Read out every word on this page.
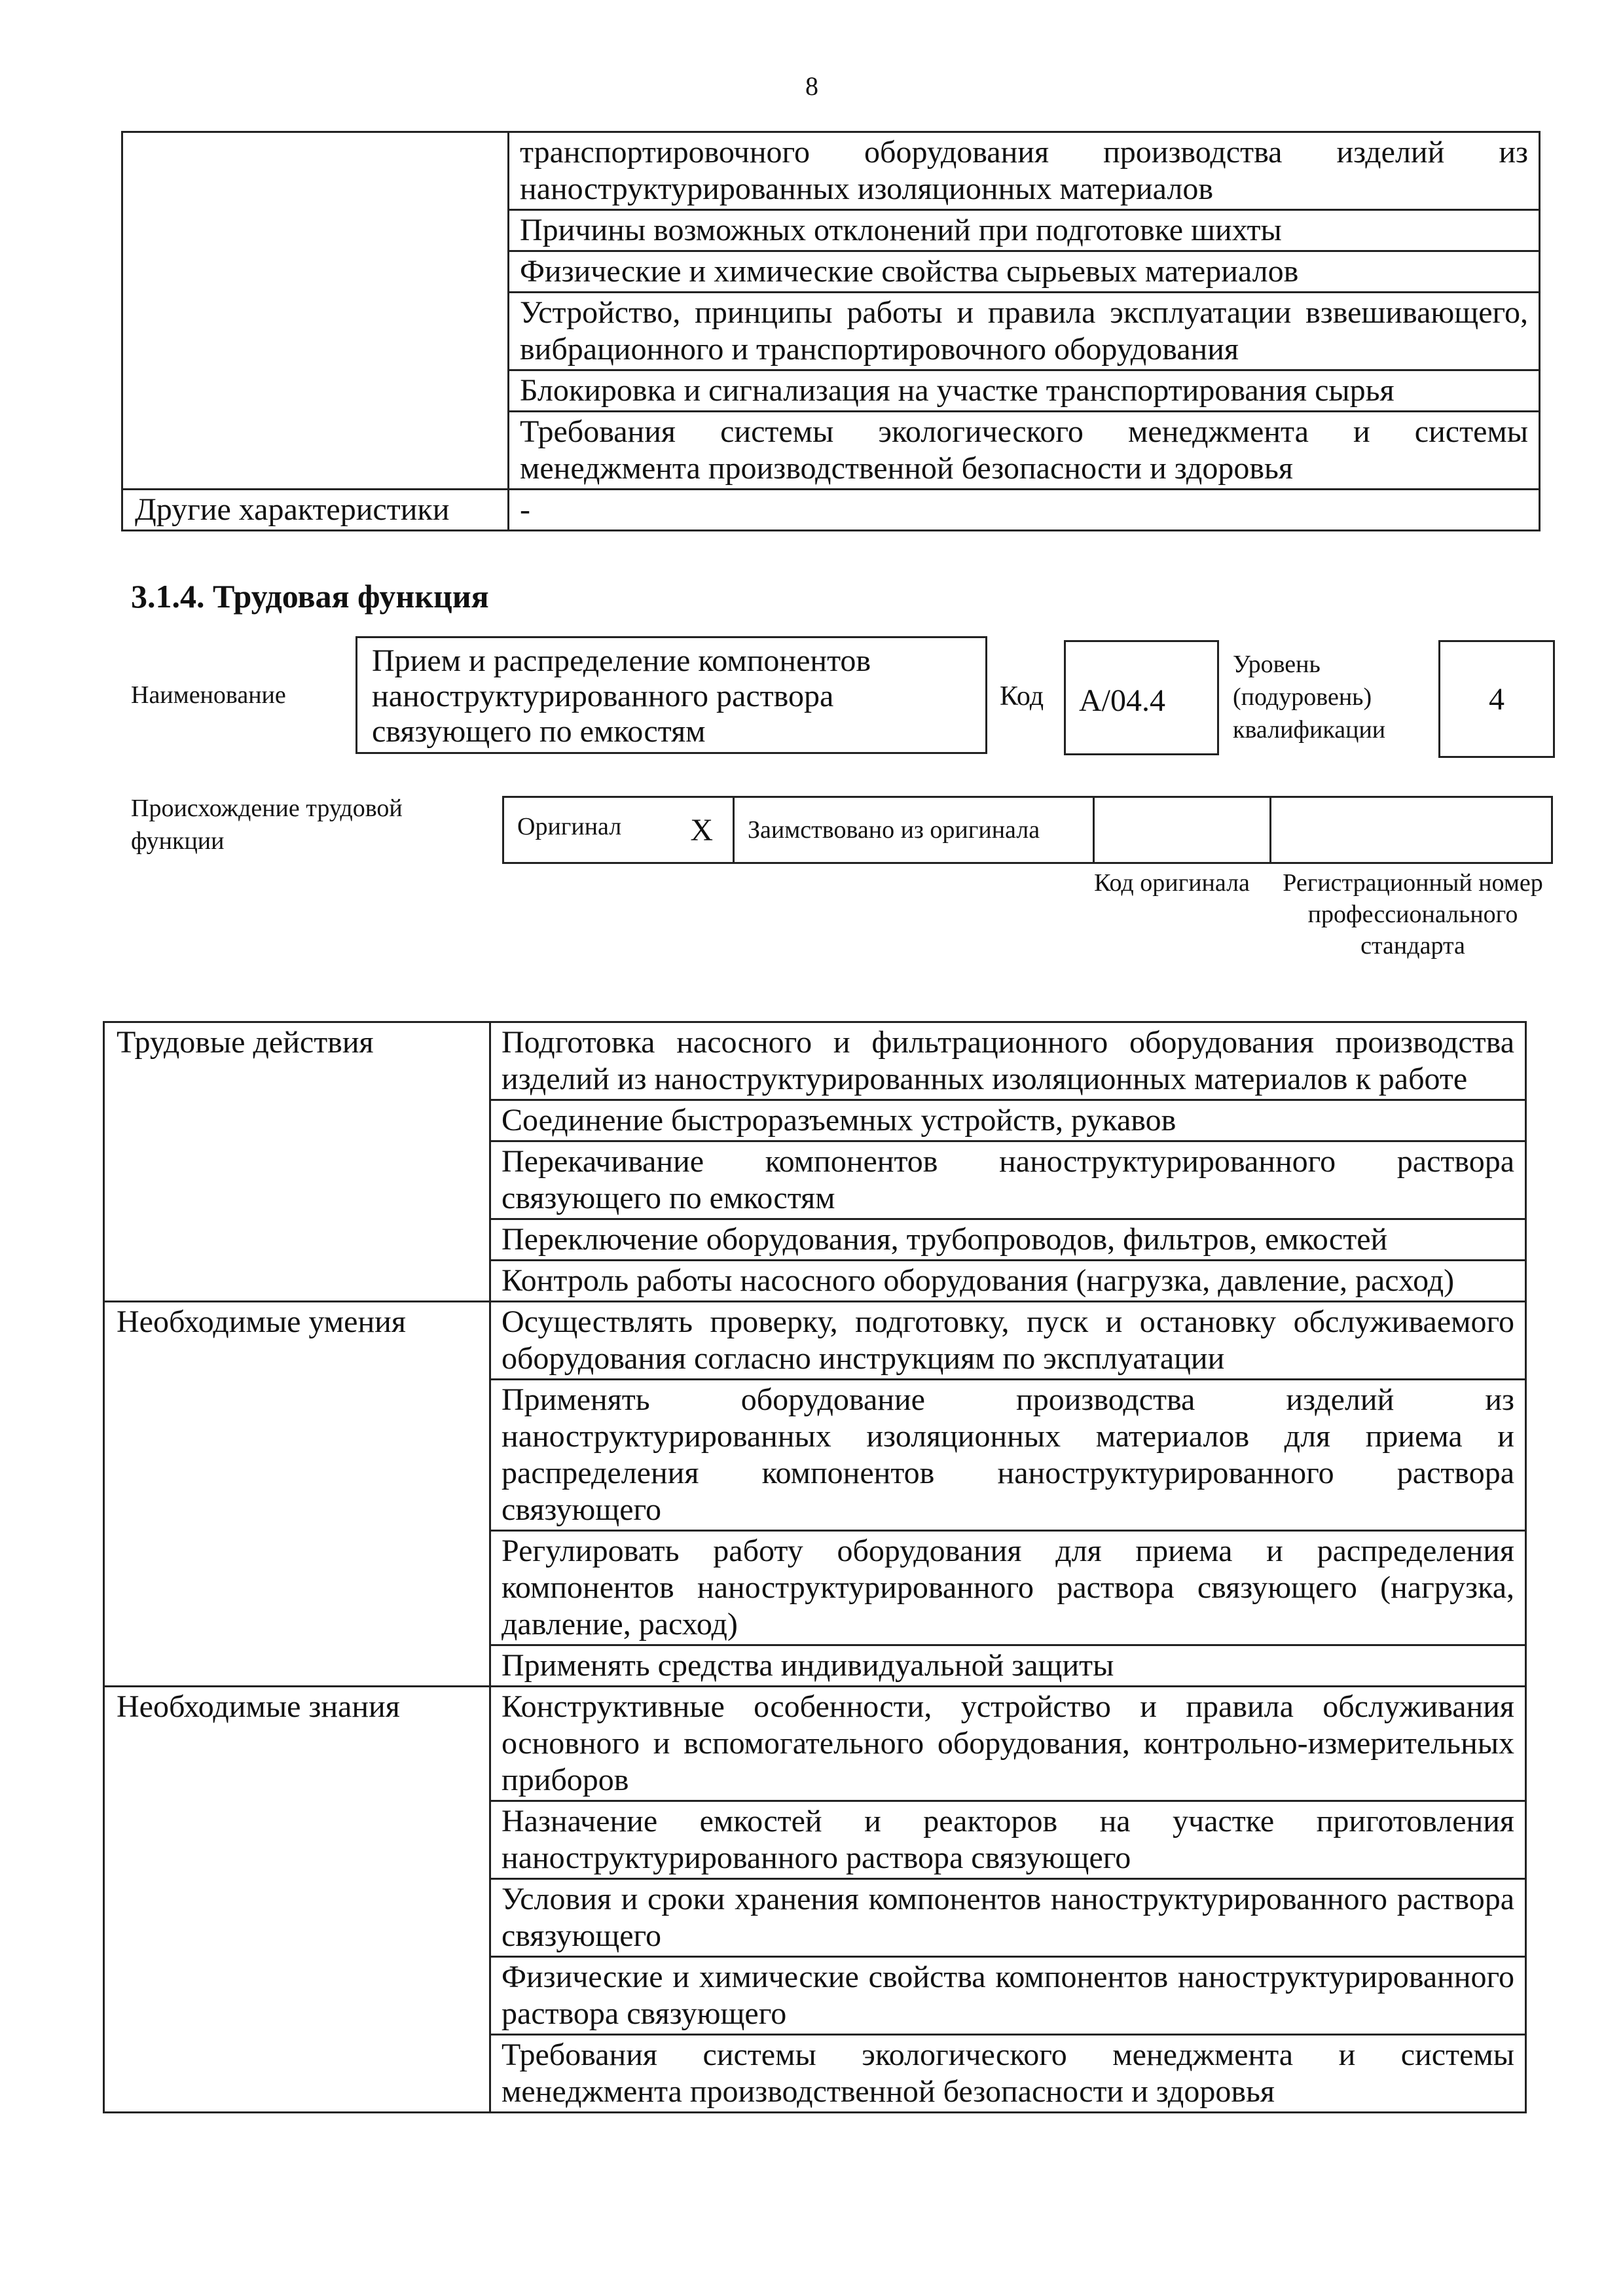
8
	транспортировочного оборудования производства изделий из наноструктурированных изоляционных материалов
	Причины возможных отклонений при подготовке шихты
	Физические и химические свойства сырьевых материалов
	Устройство, принципы работы и правила эксплуатации взвешивающего, вибрационного и транспортировочного оборудования
	Блокировка и сигнализация на участке транспортирования сырья
	Требования системы экологического менеджмента и системы менеджмента производственной безопасности и здоровья
Другие характеристики	-
3.1.4. Трудовая функция
Наименование
Прием и распределение компонентов наноструктурированного раствора связующего по емкостям
Код	A/04.4
Уровень (подуровень) квалификации
4
Происхождение трудовой функции
Оригинал X	Заимствовано из оригинала		
Код оригинала Регистрационный номер профессионального стандарта
Трудовые действия	Подготовка насосного и фильтрационного оборудования производства изделий из наноструктурированных изоляционных материалов к работе
	Соединение быстроразъемных устройств, рукавов
	Перекачивание компонентов наноструктурированного раствора связующего по емкостям
	Переключение оборудования, трубопроводов, фильтров, емкостей
	Контроль работы насосного оборудования (нагрузка, давление, расход)
Необходимые умения	Осуществлять проверку, подготовку, пуск и остановку обслуживаемого оборудования согласно инструкциям по эксплуатации
	Применять оборудование производства изделий из наноструктурированных изоляционных материалов для приема и распределения компонентов наноструктурированного раствора связующего
	Регулировать работу оборудования для приема и распределения компонентов наноструктурированного раствора связующего (нагрузка, давление, расход)
	Применять средства индивидуальной защиты
Необходимые знания	Конструктивные особенности, устройство и правила обслуживания основного и вспомогательного оборудования, контрольно-измерительных приборов
	Назначение емкостей и реакторов на участке приготовления наноструктурированного раствора связующего
	Условия и сроки хранения компонентов наноструктурированного раствора связующего
	Физические и химические свойства компонентов наноструктурированного раствора связующего
	Требования системы экологического менеджмента и системы менеджмента производственной безопасности и здоровья
